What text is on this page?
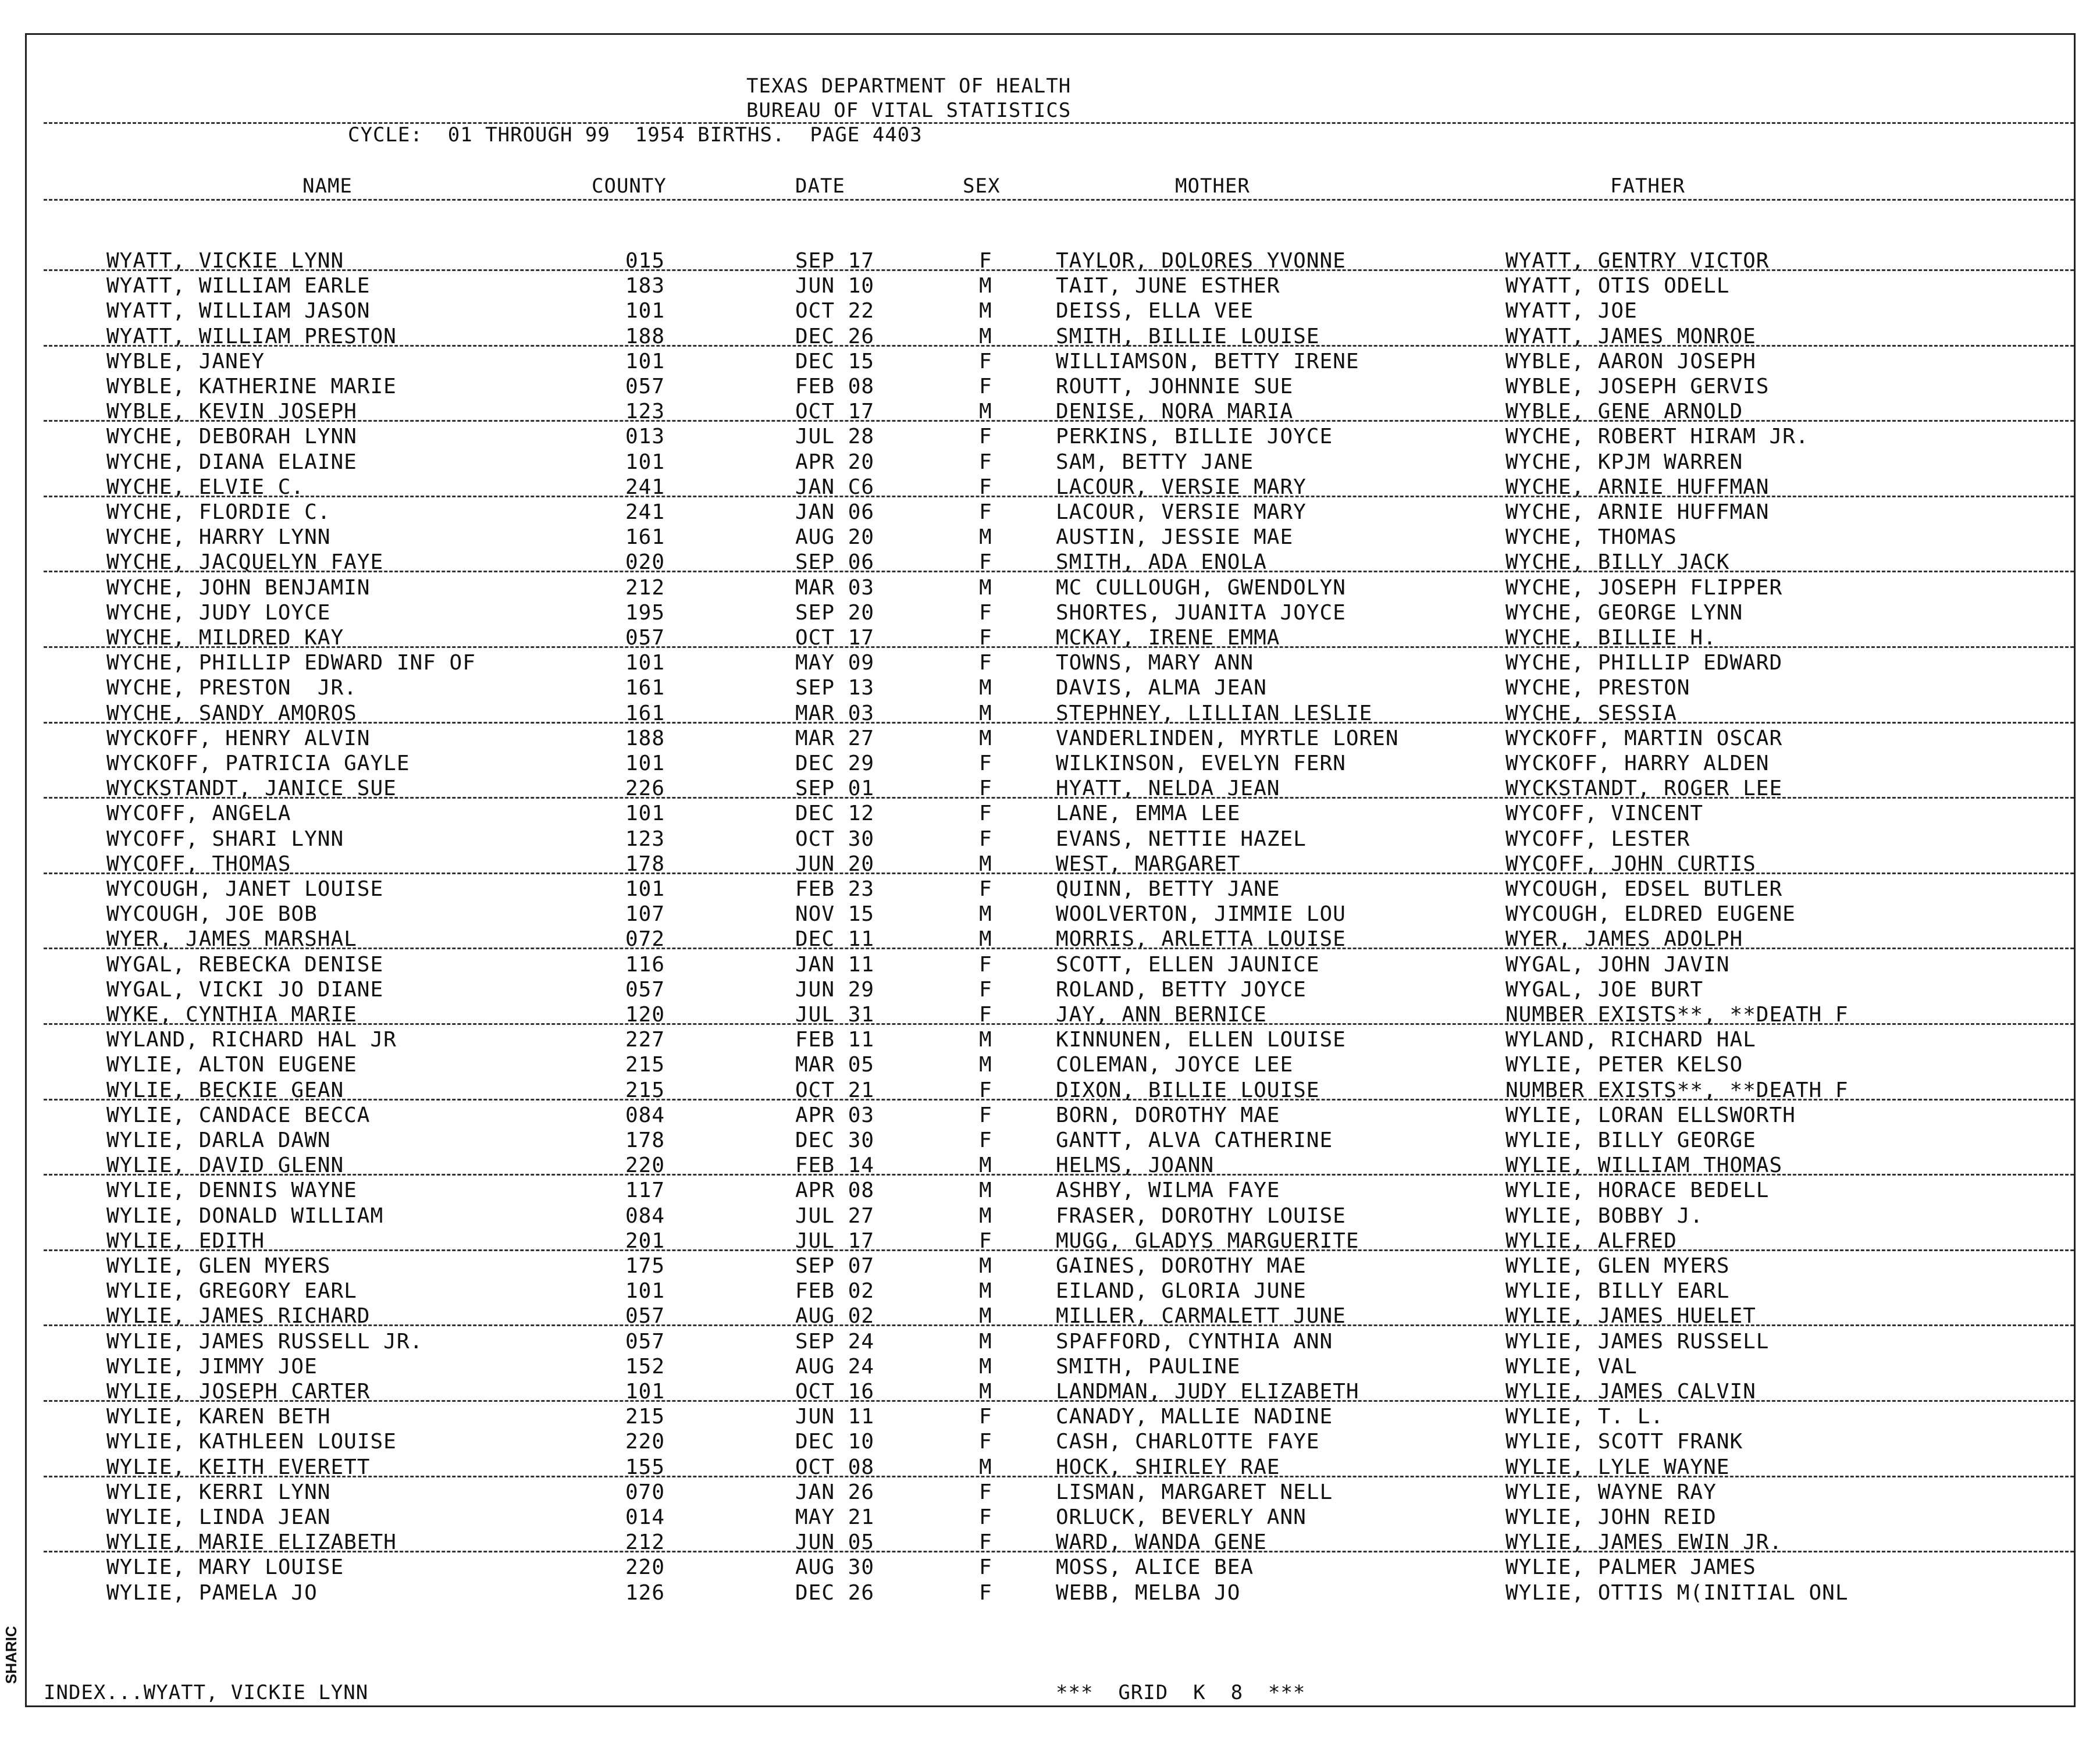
SHARIC
TEXAS DEPARTMENT OF HEALTH
BUREAU OF VITAL STATISTICS
CYCLE:  01 THROUGH 99  1954 BIRTHS.  PAGE 4403
NAME	COUNTY	DATE	SEX	MOTHER	FATHER
WYATT, VICKIE LYNN	015	SEP 17	F	TAYLOR, DOLORES YVONNE	WYATT, GENTRY VICTOR
WYATT, WILLIAM EARLE	183	JUN 10	M	TAIT, JUNE ESTHER	WYATT, OTIS ODELL
WYATT, WILLIAM JASON	101	OCT 22	M	DEISS, ELLA VEE	WYATT, JOE
WYATT, WILLIAM PRESTON	188	DEC 26	M	SMITH, BILLIE LOUISE	WYATT, JAMES MONROE
WYBLE, JANEY	101	DEC 15	F	WILLIAMSON, BETTY IRENE	WYBLE, AARON JOSEPH
WYBLE, KATHERINE MARIE	057	FEB 08	F	ROUTT, JOHNNIE SUE	WYBLE, JOSEPH GERVIS
WYBLE, KEVIN JOSEPH	123	OCT 17	M	DENISE, NORA MARIA	WYBLE, GENE ARNOLD
WYCHE, DEBORAH LYNN	013	JUL 28	F	PERKINS, BILLIE JOYCE	WYCHE, ROBERT HIRAM JR.
WYCHE, DIANA ELAINE	101	APR 20	F	SAM, BETTY JANE	WYCHE, KPJM WARREN
WYCHE, ELVIE C.	241	JAN C6	F	LACOUR, VERSIE MARY	WYCHE, ARNIE HUFFMAN
WYCHE, FLORDIE C.	241	JAN 06	F	LACOUR, VERSIE MARY	WYCHE, ARNIE HUFFMAN
WYCHE, HARRY LYNN	161	AUG 20	M	AUSTIN, JESSIE MAE	WYCHE, THOMAS
WYCHE, JACQUELYN FAYE	020	SEP 06	F	SMITH, ADA ENOLA	WYCHE, BILLY JACK
WYCHE, JOHN BENJAMIN	212	MAR 03	M	MC CULLOUGH, GWENDOLYN	WYCHE, JOSEPH FLIPPER
WYCHE, JUDY LOYCE	195	SEP 20	F	SHORTES, JUANITA JOYCE	WYCHE, GEORGE LYNN
WYCHE, MILDRED KAY	057	OCT 17	F	MCKAY, IRENE EMMA	WYCHE, BILLIE H.
WYCHE, PHILLIP EDWARD INF OF	101	MAY 09	F	TOWNS, MARY ANN	WYCHE, PHILLIP EDWARD
WYCHE, PRESTON  JR.	161	SEP 13	M	DAVIS, ALMA JEAN	WYCHE, PRESTON
WYCHE, SANDY AMOROS	161	MAR 03	M	STEPHNEY, LILLIAN LESLIE	WYCHE, SESSIA
WYCKOFF, HENRY ALVIN	188	MAR 27	M	VANDERLINDEN, MYRTLE LOREN	WYCKOFF, MARTIN OSCAR
WYCKOFF, PATRICIA GAYLE	101	DEC 29	F	WILKINSON, EVELYN FERN	WYCKOFF, HARRY ALDEN
WYCKSTANDT, JANICE SUE	226	SEP 01	F	HYATT, NELDA JEAN	WYCKSTANDT, ROGER LEE
WYCOFF, ANGELA	101	DEC 12	F	LANE, EMMA LEE	WYCOFF, VINCENT
WYCOFF, SHARI LYNN	123	OCT 30	F	EVANS, NETTIE HAZEL	WYCOFF, LESTER
WYCOFF, THOMAS	178	JUN 20	M	WEST, MARGARET	WYCOFF, JOHN CURTIS
WYCOUGH, JANET LOUISE	101	FEB 23	F	QUINN, BETTY JANE	WYCOUGH, EDSEL BUTLER
WYCOUGH, JOE BOB	107	NOV 15	M	WOOLVERTON, JIMMIE LOU	WYCOUGH, ELDRED EUGENE
WYER, JAMES MARSHAL	072	DEC 11	M	MORRIS, ARLETTA LOUISE	WYER, JAMES ADOLPH
WYGAL, REBECKA DENISE	116	JAN 11	F	SCOTT, ELLEN JAUNICE	WYGAL, JOHN JAVIN
WYGAL, VICKI JO DIANE	057	JUN 29	F	ROLAND, BETTY JOYCE	WYGAL, JOE BURT
WYKE, CYNTHIA MARIE	120	JUL 31	F	JAY, ANN BERNICE	NUMBER EXISTS**, **DEATH F
WYLAND, RICHARD HAL JR	227	FEB 11	M	KINNUNEN, ELLEN LOUISE	WYLAND, RICHARD HAL
WYLIE, ALTON EUGENE	215	MAR 05	M	COLEMAN, JOYCE LEE	WYLIE, PETER KELSO
WYLIE, BECKIE GEAN	215	OCT 21	F	DIXON, BILLIE LOUISE	NUMBER EXISTS**, **DEATH F
WYLIE, CANDACE BECCA	084	APR 03	F	BORN, DOROTHY MAE	WYLIE, LORAN ELLSWORTH
WYLIE, DARLA DAWN	178	DEC 30	F	GANTT, ALVA CATHERINE	WYLIE, BILLY GEORGE
WYLIE, DAVID GLENN	220	FEB 14	M	HELMS, JOANN	WYLIE, WILLIAM THOMAS
WYLIE, DENNIS WAYNE	117	APR 08	M	ASHBY, WILMA FAYE	WYLIE, HORACE BEDELL
WYLIE, DONALD WILLIAM	084	JUL 27	M	FRASER, DOROTHY LOUISE	WYLIE, BOBBY J.
WYLIE, EDITH	201	JUL 17	F	MUGG, GLADYS MARGUERITE	WYLIE, ALFRED
WYLIE, GLEN MYERS	175	SEP 07	M	GAINES, DOROTHY MAE	WYLIE, GLEN MYERS
WYLIE, GREGORY EARL	101	FEB 02	M	EILAND, GLORIA JUNE	WYLIE, BILLY EARL
WYLIE, JAMES RICHARD	057	AUG 02	M	MILLER, CARMALETT JUNE	WYLIE, JAMES HUELET
WYLIE, JAMES RUSSELL JR.	057	SEP 24	M	SPAFFORD, CYNTHIA ANN	WYLIE, JAMES RUSSELL
WYLIE, JIMMY JOE	152	AUG 24	M	SMITH, PAULINE	WYLIE, VAL
WYLIE, JOSEPH CARTER	101	OCT 16	M	LANDMAN, JUDY ELIZABETH	WYLIE, JAMES CALVIN
WYLIE, KAREN BETH	215	JUN 11	F	CANADY, MALLIE NADINE	WYLIE, T. L.
WYLIE, KATHLEEN LOUISE	220	DEC 10	F	CASH, CHARLOTTE FAYE	WYLIE, SCOTT FRANK
WYLIE, KEITH EVERETT	155	OCT 08	M	HOCK, SHIRLEY RAE	WYLIE, LYLE WAYNE
WYLIE, KERRI LYNN	070	JAN 26	F	LISMAN, MARGARET NELL	WYLIE, WAYNE RAY
WYLIE, LINDA JEAN	014	MAY 21	F	ORLUCK, BEVERLY ANN	WYLIE, JOHN REID
WYLIE, MARIE ELIZABETH	212	JUN 05	F	WARD, WANDA GENE	WYLIE, JAMES EWIN JR.
WYLIE, MARY LOUISE	220	AUG 30	F	MOSS, ALICE BEA	WYLIE, PALMER JAMES
WYLIE, PAMELA JO	126	DEC 26	F	WEBB, MELBA JO	WYLIE, OTTIS M(INITIAL ONL
INDEX...WYATT, VICKIE LYNN	***  GRID  K  8  ***
